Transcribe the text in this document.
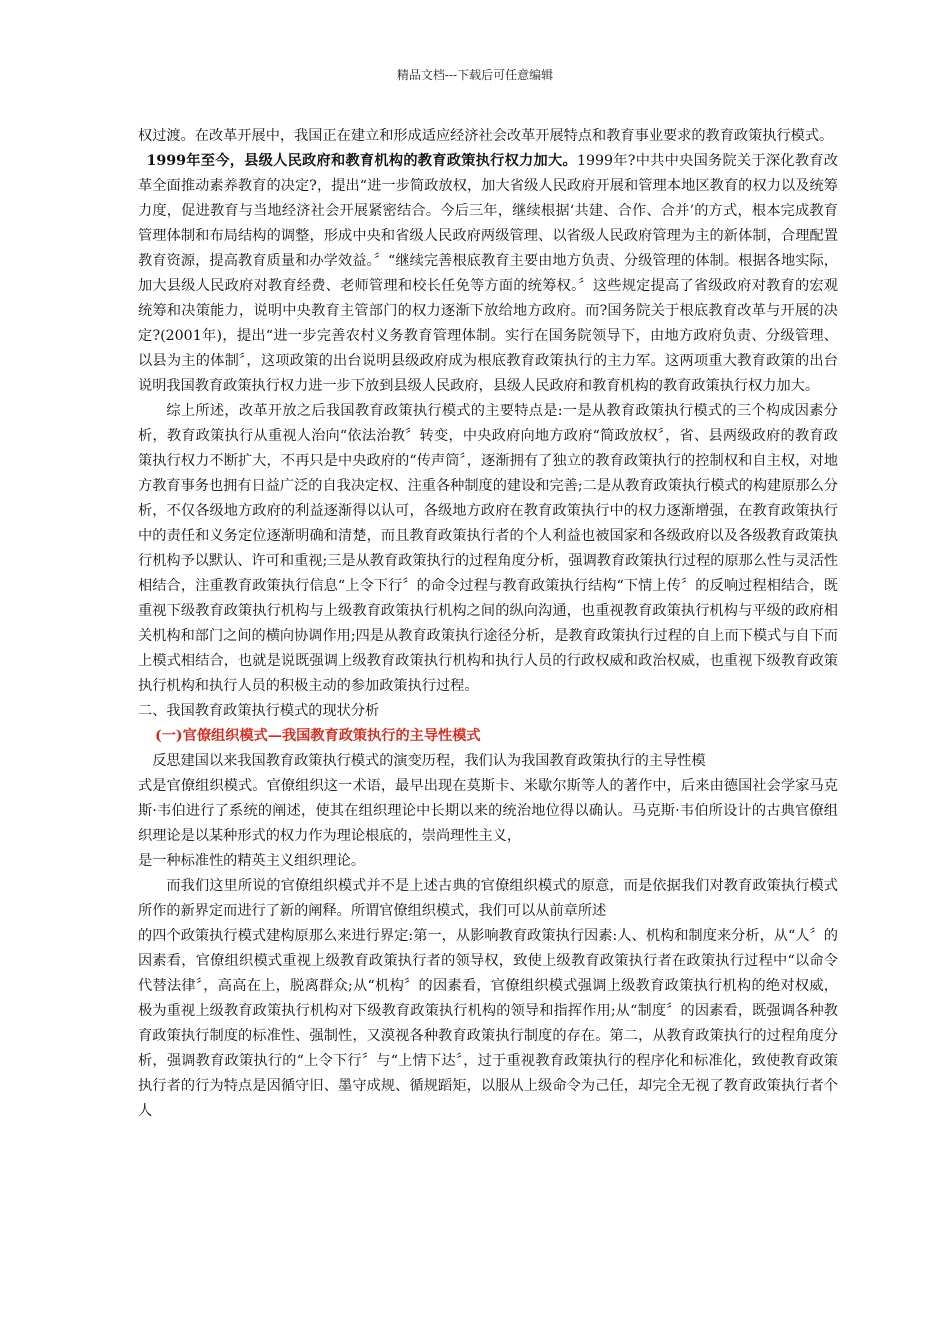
精品文档---下载后可任意编辑

权过渡。在改革开展中，我国正在建立和形成适应经济社会改革开展特点和教育事业要求的教育政策执行模式。

1999年至今，县级人民政府和教育机构的教育政策执行权力加大。1999年?中共中央国务院关于深化教育改革全面推动素养教育的决定?，提出“进一步简政放权，加大省级人民政府开展和管理本地区教育的权力以及统筹力度，促进教育与当地经济社会开展紧密结合。今后三年，继续根据‘共建、合作、合并’的方式，根本完成教育管理体制和布局结构的调整，形成中央和省级人民政府两级管理、以省级人民政府管理为主的新体制，合理配置教育资源，提高教育质量和办学效益。〞“继续完善根底教育主要由地方负责、分级管理的体制。根据各地实际，加大县级人民政府对教育经费、老师管理和校长任免等方面的统筹权。〞这些规定提高了省级政府对教育的宏观统筹和决策能力，说明中央教育主管部门的权力逐渐下放给地方政府。而?国务院关于根底教育改革与开展的决定?(2001年)，提出“进一步完善农村义务教育管理体制。实行在国务院领导下，由地方政府负责、分级管理、以县为主的体制〞，这项政策的出台说明县级政府成为根底教育政策执行的主力军。这两项重大教育政策的出台说明我国教育政策执行权力进一步下放到县级人民政府，县级人民政府和教育机构的教育政策执行权力加大。

综上所述，改革开放之后我国教育政策执行模式的主要特点是:一是从教育政策执行模式的三个构成因素分析，教育政策执行从重视人治向“依法治教〞转变，中央政府向地方政府“简政放权〞，省、县两级政府的教育政策执行权力不断扩大，不再只是中央政府的“传声筒〞，逐渐拥有了独立的教育政策执行的控制权和自主权，对地方教育事务也拥有日益广泛的自我决定权、注重各种制度的建设和完善;二是从教育政策执行模式的构建原那么分析，不仅各级地方政府的利益逐渐得以认可，各级地方政府在教育政策执行中的权力逐渐增强，在教育政策执行中的责任和义务定位逐渐明确和清楚，而且教育政策执行者的个人利益也被国家和各级政府以及各级教育政策执行机构予以默认、许可和重视;三是从教育政策执行的过程角度分析，强调教育政策执行过程的原那么性与灵活性相结合，注重教育政策执行信息“上令下行〞的命令过程与教育政策执行结构“下情上传〞的反响过程相结合，既重视下级教育政策执行机构与上级教育政策执行机构之间的纵向沟通，也重视教育政策执行机构与平级的政府相关机构和部门之间的横向协调作用;四是从教育政策执行途径分析，是教育政策执行过程的自上而下模式与自下而上模式相结合，也就是说既强调上级教育政策执行机构和执行人员的行政权威和政治权威，也重视下级教育政策执行机构和执行人员的积极主动的参加政策执行过程。

二、我国教育政策执行模式的现状分析

(一)官僚组织模式—我国教育政策执行的主导性模式

反思建国以来我国教育政策执行模式的演变历程，我们认为我国教育政策执行的主导性模

式是官僚组织模式。官僚组织这一术语，最早出现在莫斯卡、米歇尔斯等人的著作中，后来由德国社会学家马克斯·韦伯进行了系统的阐述，使其在组织理论中长期以来的统治地位得以确认。马克斯·韦伯所设计的古典官僚组织理论是以某种形式的权力作为理论根底的，崇尚理性主义，

是一种标准性的精英主义组织理论。

而我们这里所说的官僚组织模式并不是上述古典的官僚组织模式的原意，而是依据我们对教育政策执行模式所作的新界定而进行了新的阐释。所谓官僚组织模式，我们可以从前章所述

的四个政策执行模式建构原那么来进行界定:第一，从影响教育政策执行因素:人、机构和制度来分析，从“人〞的因素看，官僚组织模式重视上级教育政策执行者的领导权，致使上级教育政策执行者在政策执行过程中“以命令代替法律〞，高高在上，脱离群众;从“机构〞的因素看，官僚组织模式强调上级教育政策执行机构的绝对权威，极为重视上级教育政策执行机构对下级教育政策执行机构的领导和指挥作用;从“制度〞的因素看，既强调各种教育政策执行制度的标准性、强制性，又漠视各种教育政策执行制度的存在。第二，从教育政策执行的过程角度分析，强调教育政策执行的“上令下行〞与“上情下达〞，过于重视教育政策执行的程序化和标准化，致使教育政策执行者的行为特点是因循守旧、墨守成规、循规蹈矩，以服从上级命令为己任，却完全无视了教育政策执行者个人
